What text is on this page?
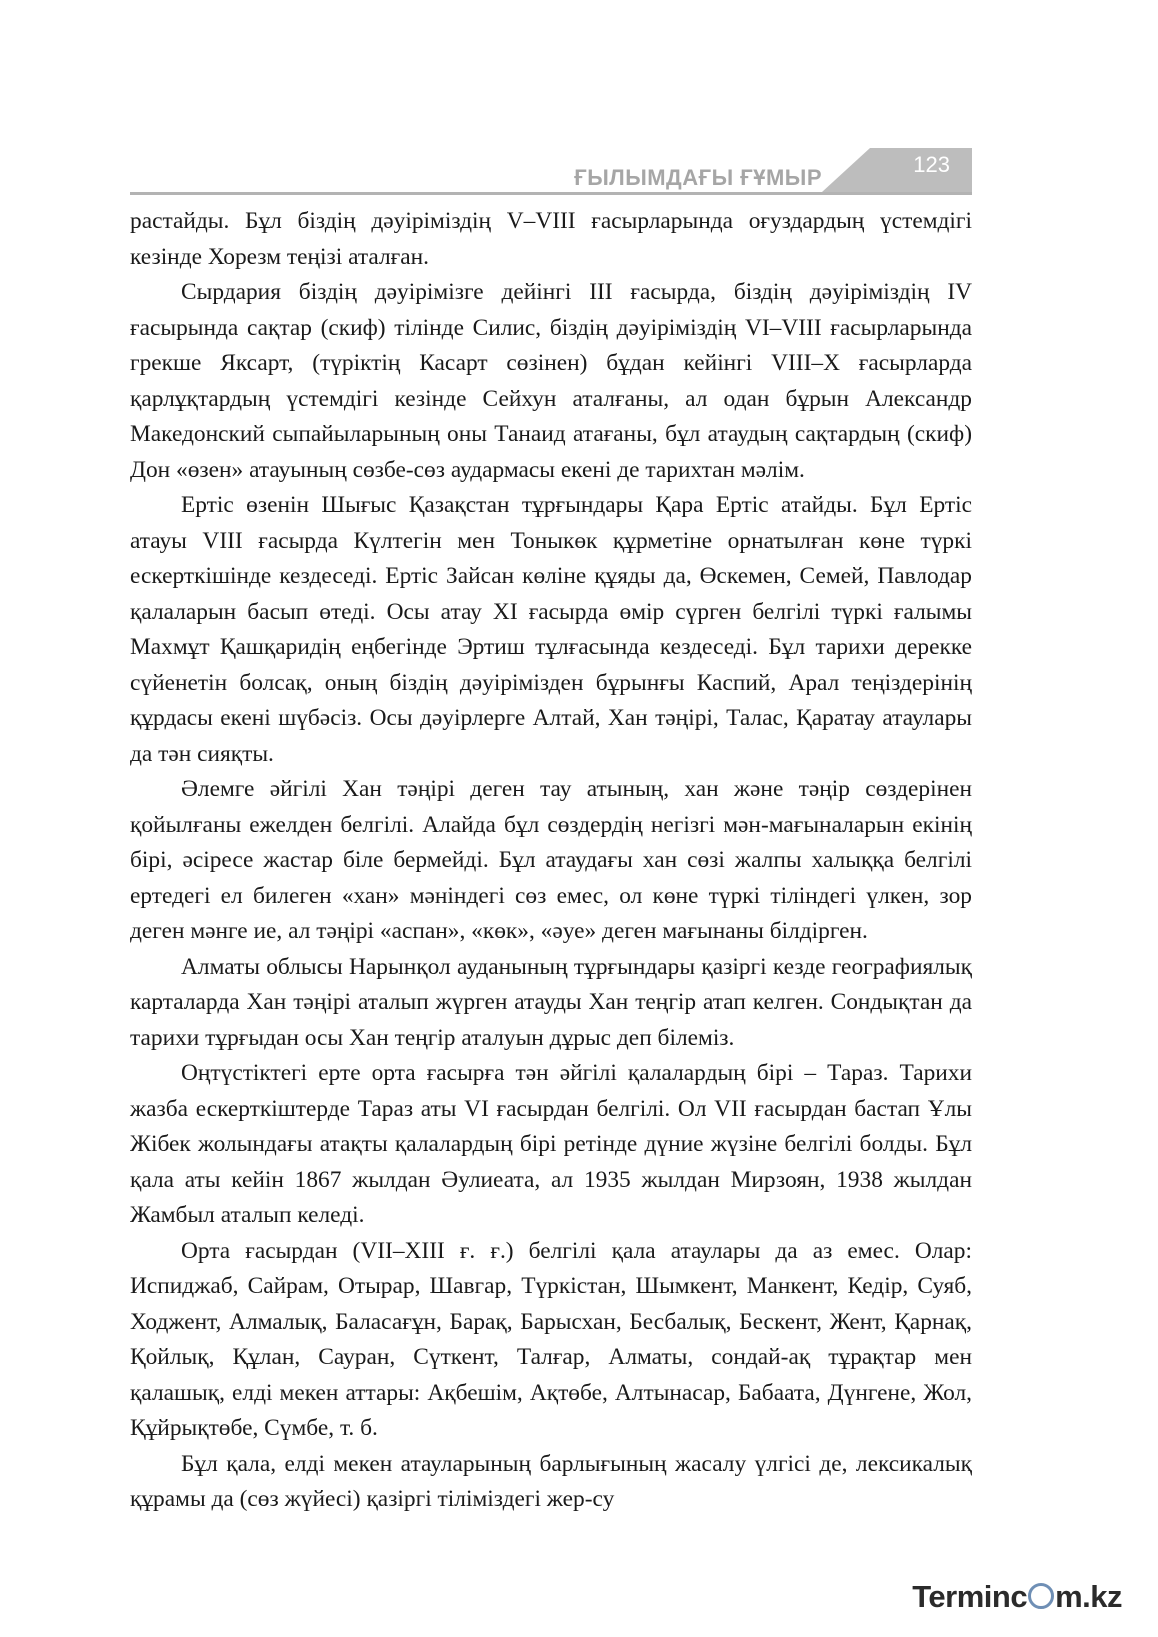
ҒЫЛЫМДАҒЫ ҒҰМЫР
123

растайды. Бұл біздің дәуіріміздің V–VIII ғасырларында оғуздардың үстемдігі кезінде Хорезм теңізі аталған.

Сырдария біздің дәуірімізге дейінгі ІІІ ғасырда, біздің дәуіріміздің IV ғасырында сақтар (скиф) тілінде Силис, біздің дәуіріміздің VI–VIII ғасырларында грекше Яксарт, (түріктің Касарт сөзінен) бұдан кейінгі VIII–X ғасырларда қарлұқтардың үстемдігі кезінде Сейхун аталғаны, ал одан бұрын Александр Македонский сыпайыларының оны Танаид атағаны, бұл атаудың сақтардың (скиф) Дон «өзен» атауының сөзбе-сөз аудармасы екені де тарихтан мәлім.

Ертіс өзенін Шығыс Қазақстан тұрғындары Қара Ертіс атайды. Бұл Ертіс атауы VIII ғасырда Күлтегін мен Тоныкөк құрметіне орнатылған көне түркі ескерткішінде кездеседі. Ертіс Зайсан көліне құяды да, Өскемен, Семей, Павлодар қалаларын басып өтеді. Осы атау XI ғасырда өмір сүрген белгілі түркі ғалымы Махмұт Қашқаридің еңбегінде Эртиш тұлғасында кездеседі. Бұл тарихи дерекке сүйенетін болсақ, оның біздің дәуірімізден бұрынғы Каспий, Арал теңіздерінің құрдасы екені шүбәсіз. Осы дәуірлерге Алтай, Хан тәңірі, Талас, Қаратау атаулары да тән сияқты.

Әлемге әйгілі Хан тәңірі деген тау атының, хан және тәңір сөздерінен қойылғаны ежелден белгілі. Алайда бұл сөздердің негізгі мән-мағыналарын екінің бірі, әсіресе жастар біле бермейді. Бұл атаудағы хан сөзі жалпы халыққа белгілі ертедегі ел билеген «хан» мәніндегі сөз емес, ол көне түркі тіліндегі үлкен, зор деген мәнге ие, ал тәңірі «аспан», «көк», «әуе» деген мағынаны білдірген.

Алматы облысы Нарынқол ауданының тұрғындары қазіргі кезде географиялық карталарда Хан тәңірі аталып жүрген атауды Хан теңгір атап келген. Сондықтан да тарихи тұрғыдан осы Хан теңгір аталуын дұрыс деп білеміз.

Оңтүстіктегі ерте орта ғасырға тән әйгілі қалалардың бірі – Тараз. Тарихи жазба ескерткіштерде Тараз аты VI ғасырдан белгілі. Ол VII ғасырдан бастап Ұлы Жібек жолындағы атақты қалалардың бірі ретінде дүние жүзіне белгілі болды. Бұл қала аты кейін 1867 жылдан Әулиеата, ал 1935 жылдан Мирзоян, 1938 жылдан Жамбыл аталып келеді.

Орта ғасырдан (VII–XIII ғ. ғ.) белгілі қала атаулары да аз емес. Олар: Испиджаб, Сайрам, Отырар, Шавгар, Түркістан, Шымкент, Манкент, Кедір, Суяб, Ходжент, Алмалық, Баласағұн, Барақ, Барысхан, Бесбалық, Бескент, Жент, Қарнақ, Қойлық, Құлан, Сауран, Сүткент, Талғар, Алматы, сондай-ақ тұрақтар мен қалашық, елді мекен аттары: Ақбешім, Ақтөбе, Алтынасар, Бабаата, Дүнгене, Жол, Құйрықтөбе, Сүмбе, т. б.

Бұл қала, елді мекен атауларының барлығының жасалу үлгісі де, лексикалық құрамы да (сөз жүйесі) қазіргі тіліміздегі жер-су

Terminc m.kz
